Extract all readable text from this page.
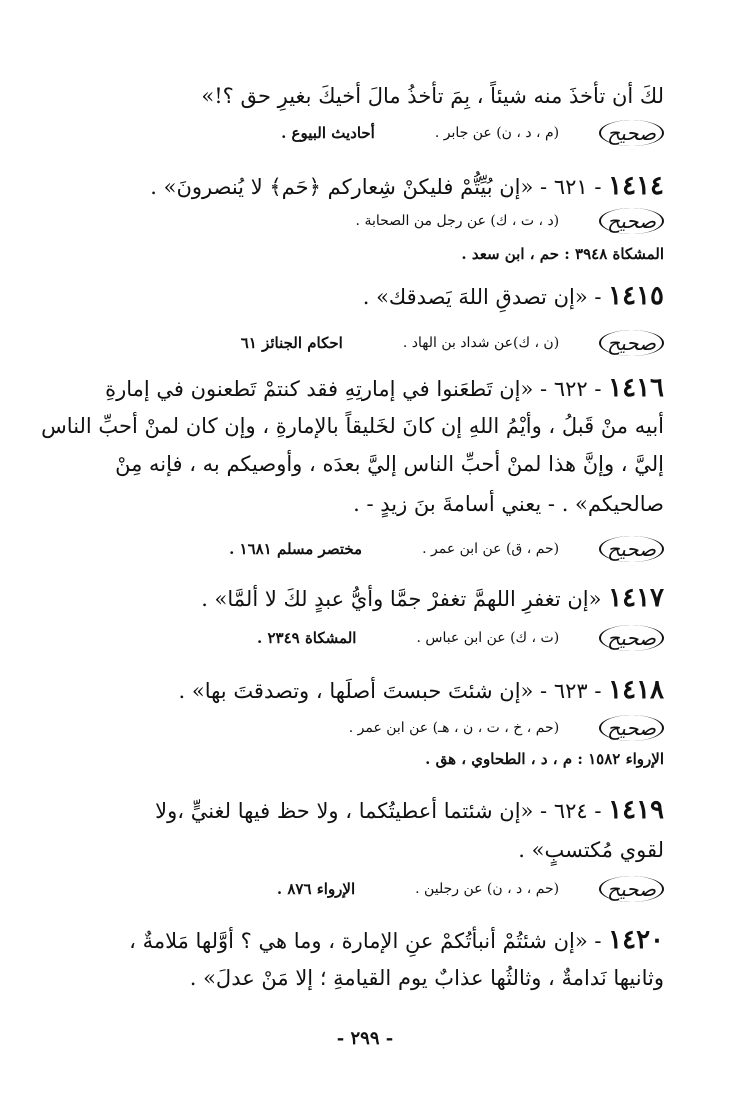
لكَ أن تأخذَ منه شيئاً ، بِمَ تأخذُ مالَ أخيكَ بغيرِ حق ؟!»
صحيح
(م ، د ، ن) عن جابر .
أحاديث البيوع .
١٤١٤ - ٦٢١ - «إن بُيِّتُّمْ فليكنْ شِعاركم ﴿حَم﴾ لا يُنصرونَ» .
صحيح
(د ، ت ، ك) عن رجل من الصحابة .
المشكاة ٣٩٤٨ : حم ، ابن سعد .
١٤١٥ - «إن تصدقِ اللهَ يَصدقك» .
صحيح
(ن ، ك)عن شداد بن الهاد .
احكام الجنائز ٦١
١٤١٦ - ٦٢٢ - «إن تَطعَنوا في إمارتِهِ فقد كنتمْ تَطعنون في إمارةِ
أبيه منْ قَبلُ ، وأيْمُ اللهِ إن كانَ لخَليقاً بالإمارةِ ، وإن كان لمنْ أحبِّ الناس
إليَّ ، وإنَّ هذا لمنْ أحبِّ الناس إليَّ بعدَه ، وأوصيكم به ، فإنه مِنْ
صالحيكم» . - يعني أسامةَ بنَ زيدٍ - .
صحيح
(حم ، ق) عن ابن عمر .
مختصر مسلم ١٦٨١ .
١٤١٧ «إن تغفرِ اللهمَّ تغفرْ جمَّا وأيُّ عبدٍ لكَ لا ألمَّا» .
صحيح
(ت ، ك) عن ابن عباس .
المشكاة ٢٣٤٩ .
١٤١٨ - ٦٢٣ - «إن شئتَ حبستَ أصلَها ، وتصدقتَ بها» .
صحيح
(حم ، خ ، ت ، ن ، هـ) عن ابن عمر .
الإرواء ١٥٨٢ : م ، د ، الطحاوي ، هق .
١٤١٩ - ٦٢٤ - «إن شئتما أعطيتُكما ، ولا حظ فيها لغنيٍّ ،ولا
لقوي مُكتسبٍ» .
صحيح
(حم ، د ، ن) عن رجلين .
الإرواء ٨٧٦ .
١٤٢٠ - «إن شئتُمْ أنبأتُكمْ عنِ الإمارة ، وما هي ؟ أوَّلها مَلامةٌ ،
وثانيها نَدامةٌ ، وثالثُها عذابٌ يوم القيامةِ ؛ إلا مَنْ عدلَ» .
- ٢٩٩ -
